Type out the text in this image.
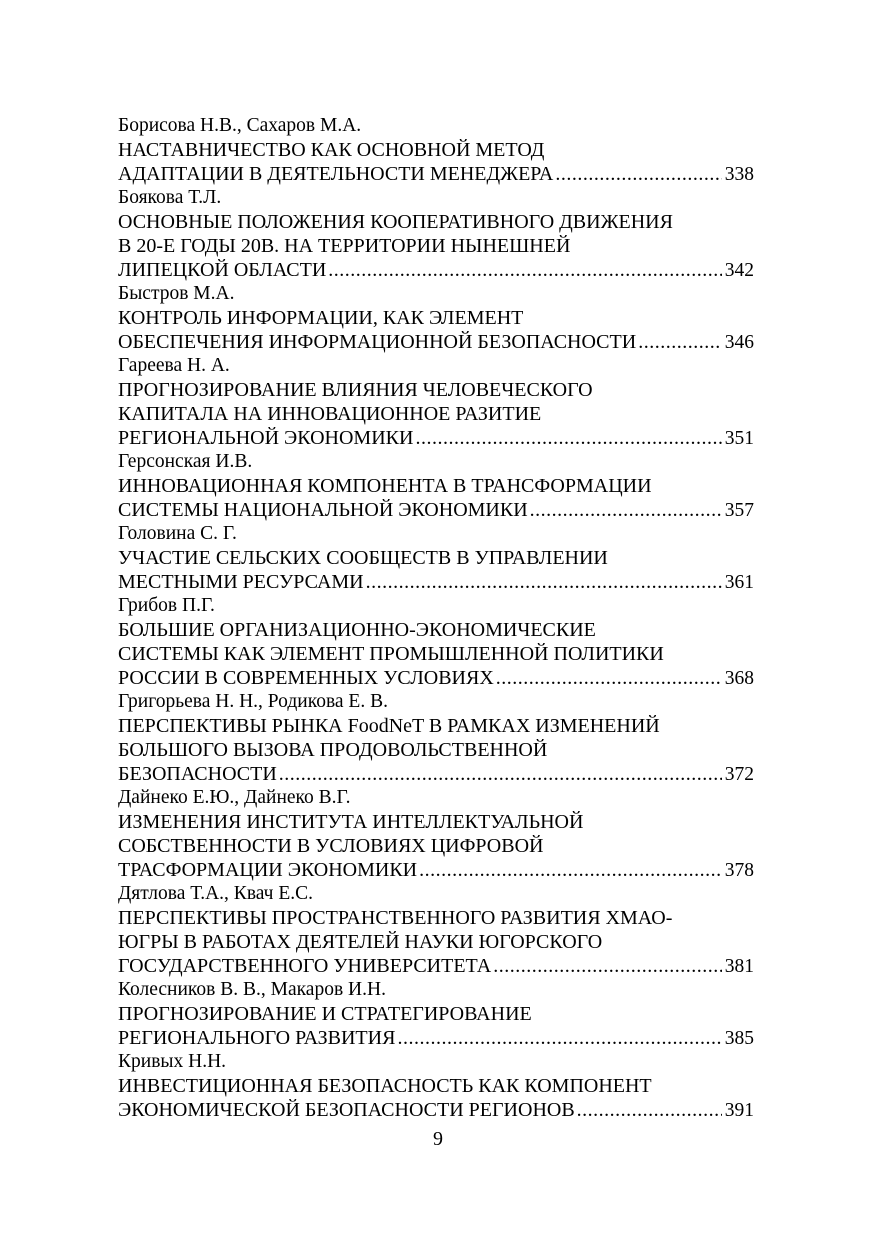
Борисова Н.В., Сахаров М.А.
НАСТАВНИЧЕСТВО КАК ОСНОВНОЙ МЕТОД
АДАПТАЦИИ В ДЕЯТЕЛЬНОСТИ МЕНЕДЖЕРА .....	338
Боякова Т.Л.
ОСНОВНЫЕ ПОЛОЖЕНИЯ КООПЕРАТИВНОГО ДВИЖЕНИЯ
В 20-Е ГОДЫ 20В. НА ТЕРРИТОРИИ НЫНЕШНЕЙ
ЛИПЕЦКОЙ ОБЛАСТИ .....	342
Быстров М.А.
КОНТРОЛЬ ИНФОРМАЦИИ, КАК ЭЛЕМЕНТ
ОБЕСПЕЧЕНИЯ ИНФОРМАЦИОННОЙ БЕЗОПАСНОСТИ .....	346
Гареева Н. А.
ПРОГНОЗИРОВАНИЕ ВЛИЯНИЯ ЧЕЛОВЕЧЕСКОГО
КАПИТАЛА НА ИННОВАЦИОННОЕ РАЗИТИЕ
РЕГИОНАЛЬНОЙ ЭКОНОМИКИ .....	351
Герсонская И.В.
ИННОВАЦИОННАЯ КОМПОНЕНТА В ТРАНСФОРМАЦИИ
СИСТЕМЫ НАЦИОНАЛЬНОЙ ЭКОНОМИКИ .....	357
Головина С. Г.
УЧАСТИЕ СЕЛЬСКИХ СООБЩЕСТВ В УПРАВЛЕНИИ
МЕСТНЫМИ РЕСУРСАМИ .....	361
Грибов П.Г.
БОЛЬШИЕ ОРГАНИЗАЦИОННО-ЭКОНОМИЧЕСКИЕ
СИСТЕМЫ КАК ЭЛЕМЕНТ ПРОМЫШЛЕННОЙ ПОЛИТИКИ
РОССИИ В СОВРЕМЕННЫХ УСЛОВИЯХ .....	368
Григорьева Н. Н., Родикова Е. В.
ПЕРСПЕКТИВЫ РЫНКА FoodNeT В РАМКАХ ИЗМЕНЕНИЙ
БОЛЬШОГО ВЫЗОВА ПРОДОВОЛЬСТВЕННОЙ
БЕЗОПАСНОСТИ .....	372
Дайнеко Е.Ю., Дайнеко В.Г.
ИЗМЕНЕНИЯ ИНСТИТУТА ИНТЕЛЛЕКТУАЛЬНОЙ
СОБСТВЕННОСТИ В УСЛОВИЯХ ЦИФРОВОЙ
ТРАСФОРМАЦИИ ЭКОНОМИКИ .....	378
Дятлова Т.А., Квач Е.С.
ПЕРСПЕКТИВЫ ПРОСТРАНСТВЕННОГО РАЗВИТИЯ ХМАО-
ЮГРЫ В РАБОТАХ ДЕЯТЕЛЕЙ НАУКИ ЮГОРСКОГО
ГОСУДАРСТВЕННОГО УНИВЕРСИТЕТА .....	381
Колесников В. В., Макаров И.Н.
ПРОГНОЗИРОВАНИЕ И СТРАТЕГИРОВАНИЕ
РЕГИОНАЛЬНОГО РАЗВИТИЯ .....	385
Кривых Н.Н.
ИНВЕСТИЦИОННАЯ БЕЗОПАСНОСТЬ КАК КОМПОНЕНТ
ЭКОНОМИЧЕСКОЙ БЕЗОПАСНОСТИ РЕГИОНОВ .....	391
9
